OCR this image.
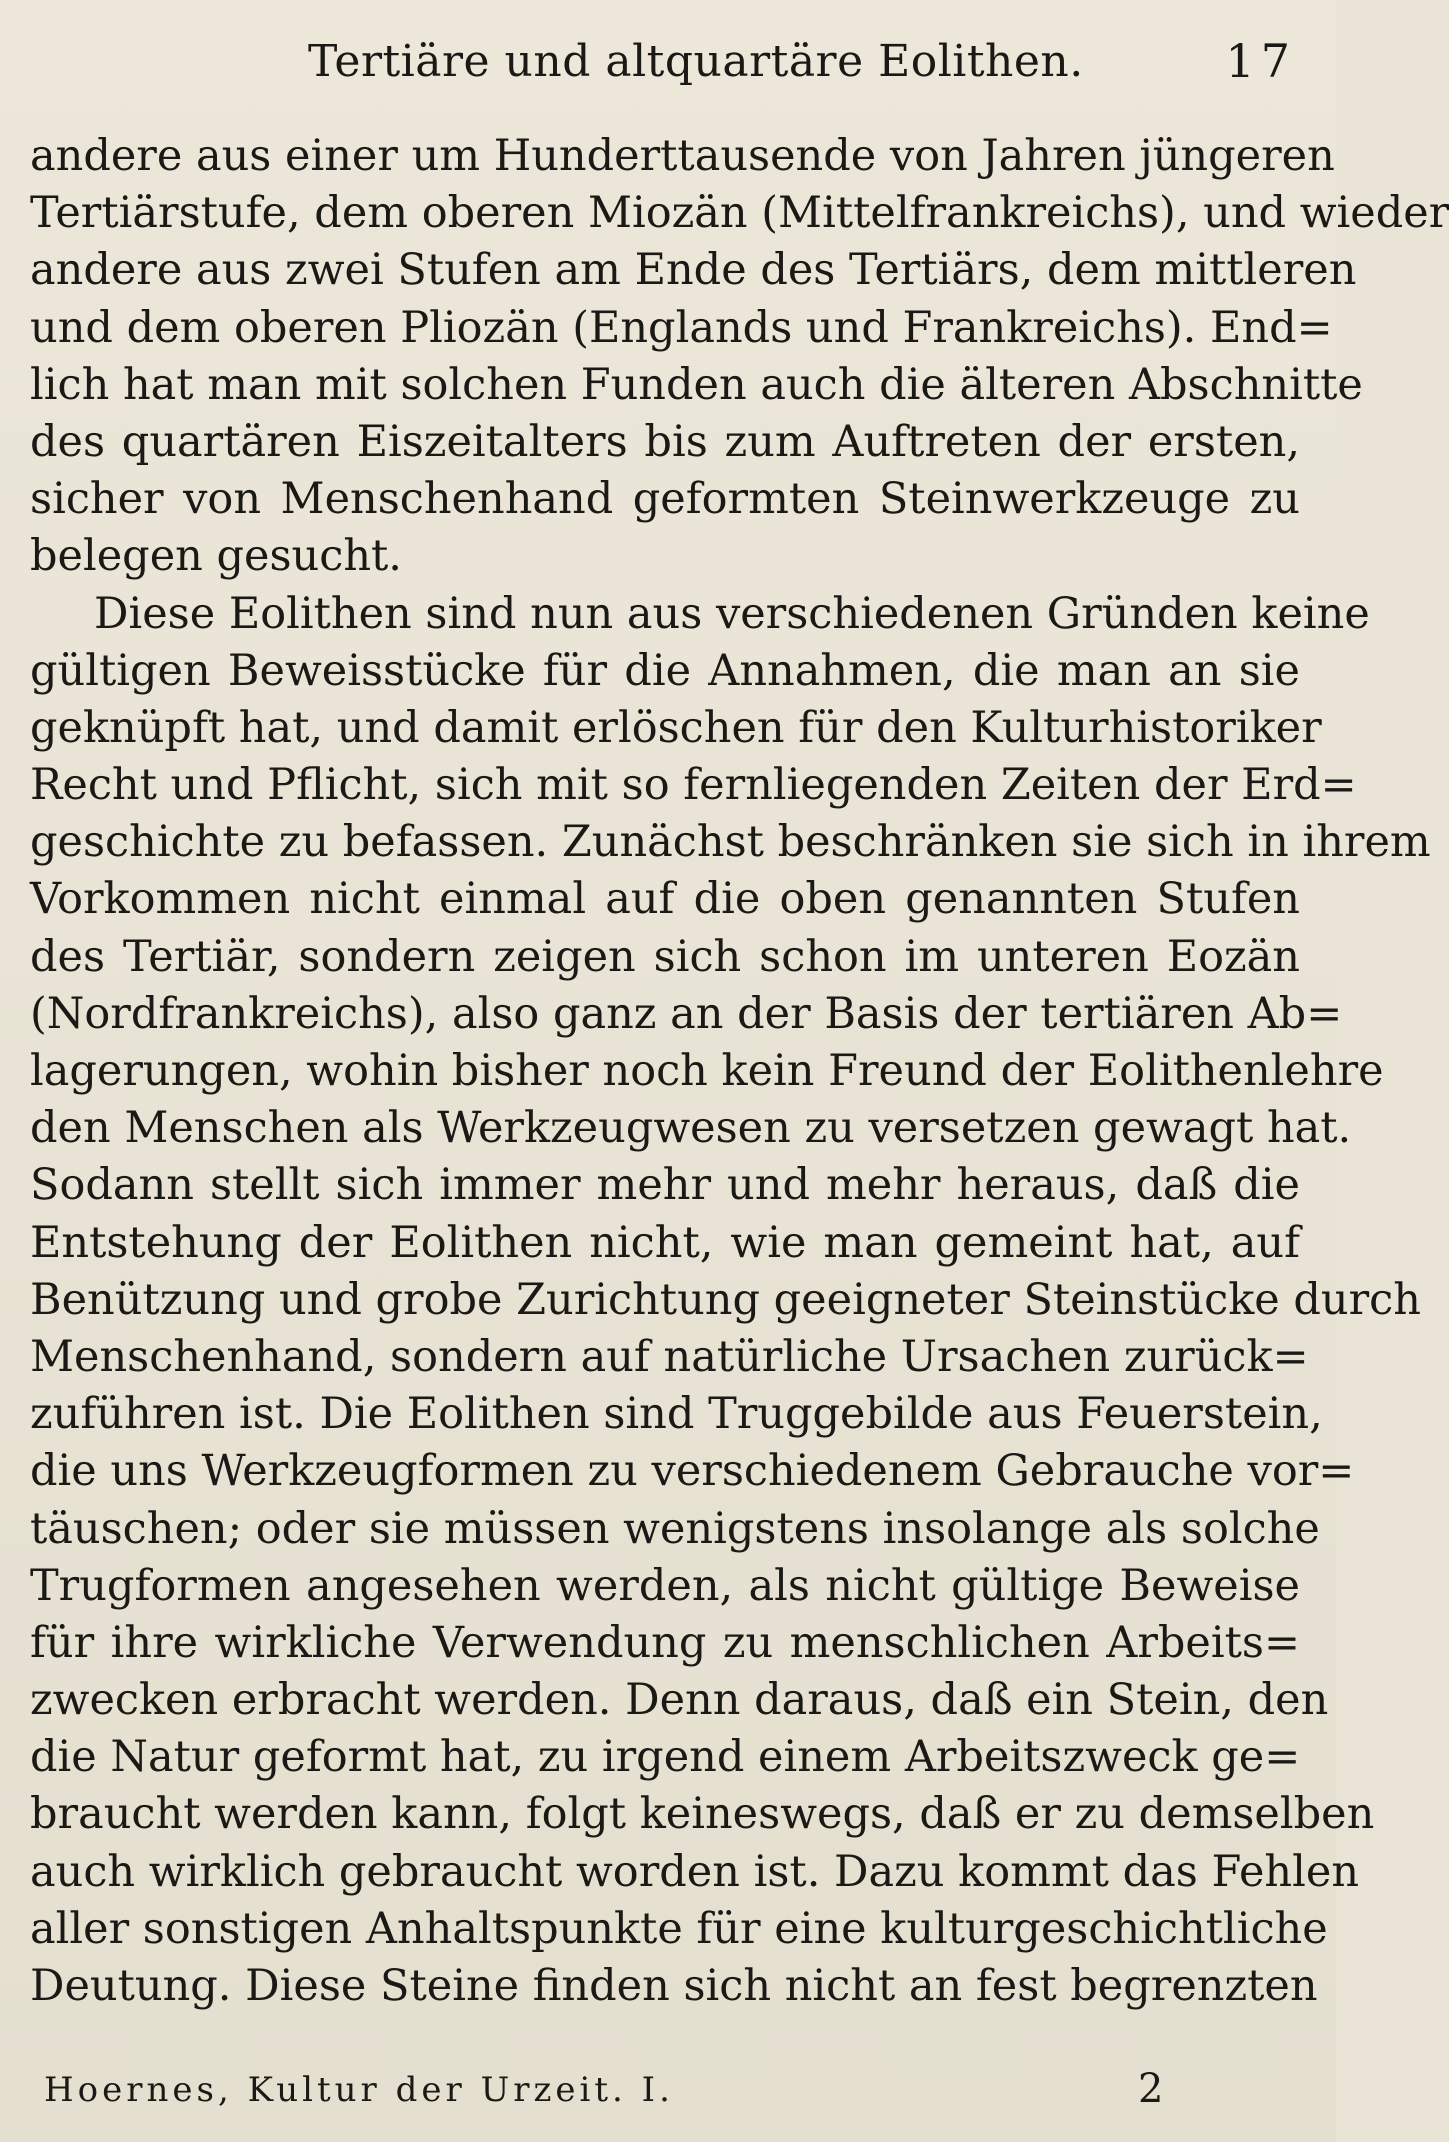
Tertiäre und altquartäre Eolithen.	17
andere aus einer um Hunderttausende von Jahren jüngeren
Tertiärstufe, dem oberen Miozän (Mittelfrankreichs), und wieder
andere aus zwei Stufen am Ende des Tertiärs, dem mittleren
und dem oberen Pliozän (Englands und Frankreichs). End=
lich hat man mit solchen Funden auch die älteren Abschnitte
des quartären Eiszeitalters bis zum Auftreten der ersten,
sicher von Menschenhand geformten Steinwerkzeuge zu
belegen gesucht.
Diese Eolithen sind nun aus verschiedenen Gründen keine
gültigen Beweisstücke für die Annahmen, die man an sie
geknüpft hat, und damit erlöschen für den Kulturhistoriker
Recht und Pflicht, sich mit so fernliegenden Zeiten der Erd=
geschichte zu befassen. Zunächst beschränken sie sich in ihrem
Vorkommen nicht einmal auf die oben genannten Stufen
des Tertiär, sondern zeigen sich schon im unteren Eozän
(Nordfrankreichs), also ganz an der Basis der tertiären Ab=
lagerungen, wohin bisher noch kein Freund der Eolithenlehre
den Menschen als Werkzeugwesen zu versetzen gewagt hat.
Sodann stellt sich immer mehr und mehr heraus, daß die
Entstehung der Eolithen nicht, wie man gemeint hat, auf
Benützung und grobe Zurichtung geeigneter Steinstücke durch
Menschenhand, sondern auf natürliche Ursachen zurück=
zuführen ist. Die Eolithen sind Truggebilde aus Feuerstein,
die uns Werkzeugformen zu verschiedenem Gebrauche vor=
täuschen; oder sie müssen wenigstens insolange als solche
Trugformen angesehen werden, als nicht gültige Beweise
für ihre wirkliche Verwendung zu menschlichen Arbeits=
zwecken erbracht werden. Denn daraus, daß ein Stein, den
die Natur geformt hat, zu irgend einem Arbeitszweck ge=
braucht werden kann, folgt keineswegs, daß er zu demselben
auch wirklich gebraucht worden ist. Dazu kommt das Fehlen
aller sonstigen Anhaltspunkte für eine kulturgeschichtliche
Deutung. Diese Steine finden sich nicht an fest begrenzten
Hoernes, Kultur der Urzeit. I.	2
